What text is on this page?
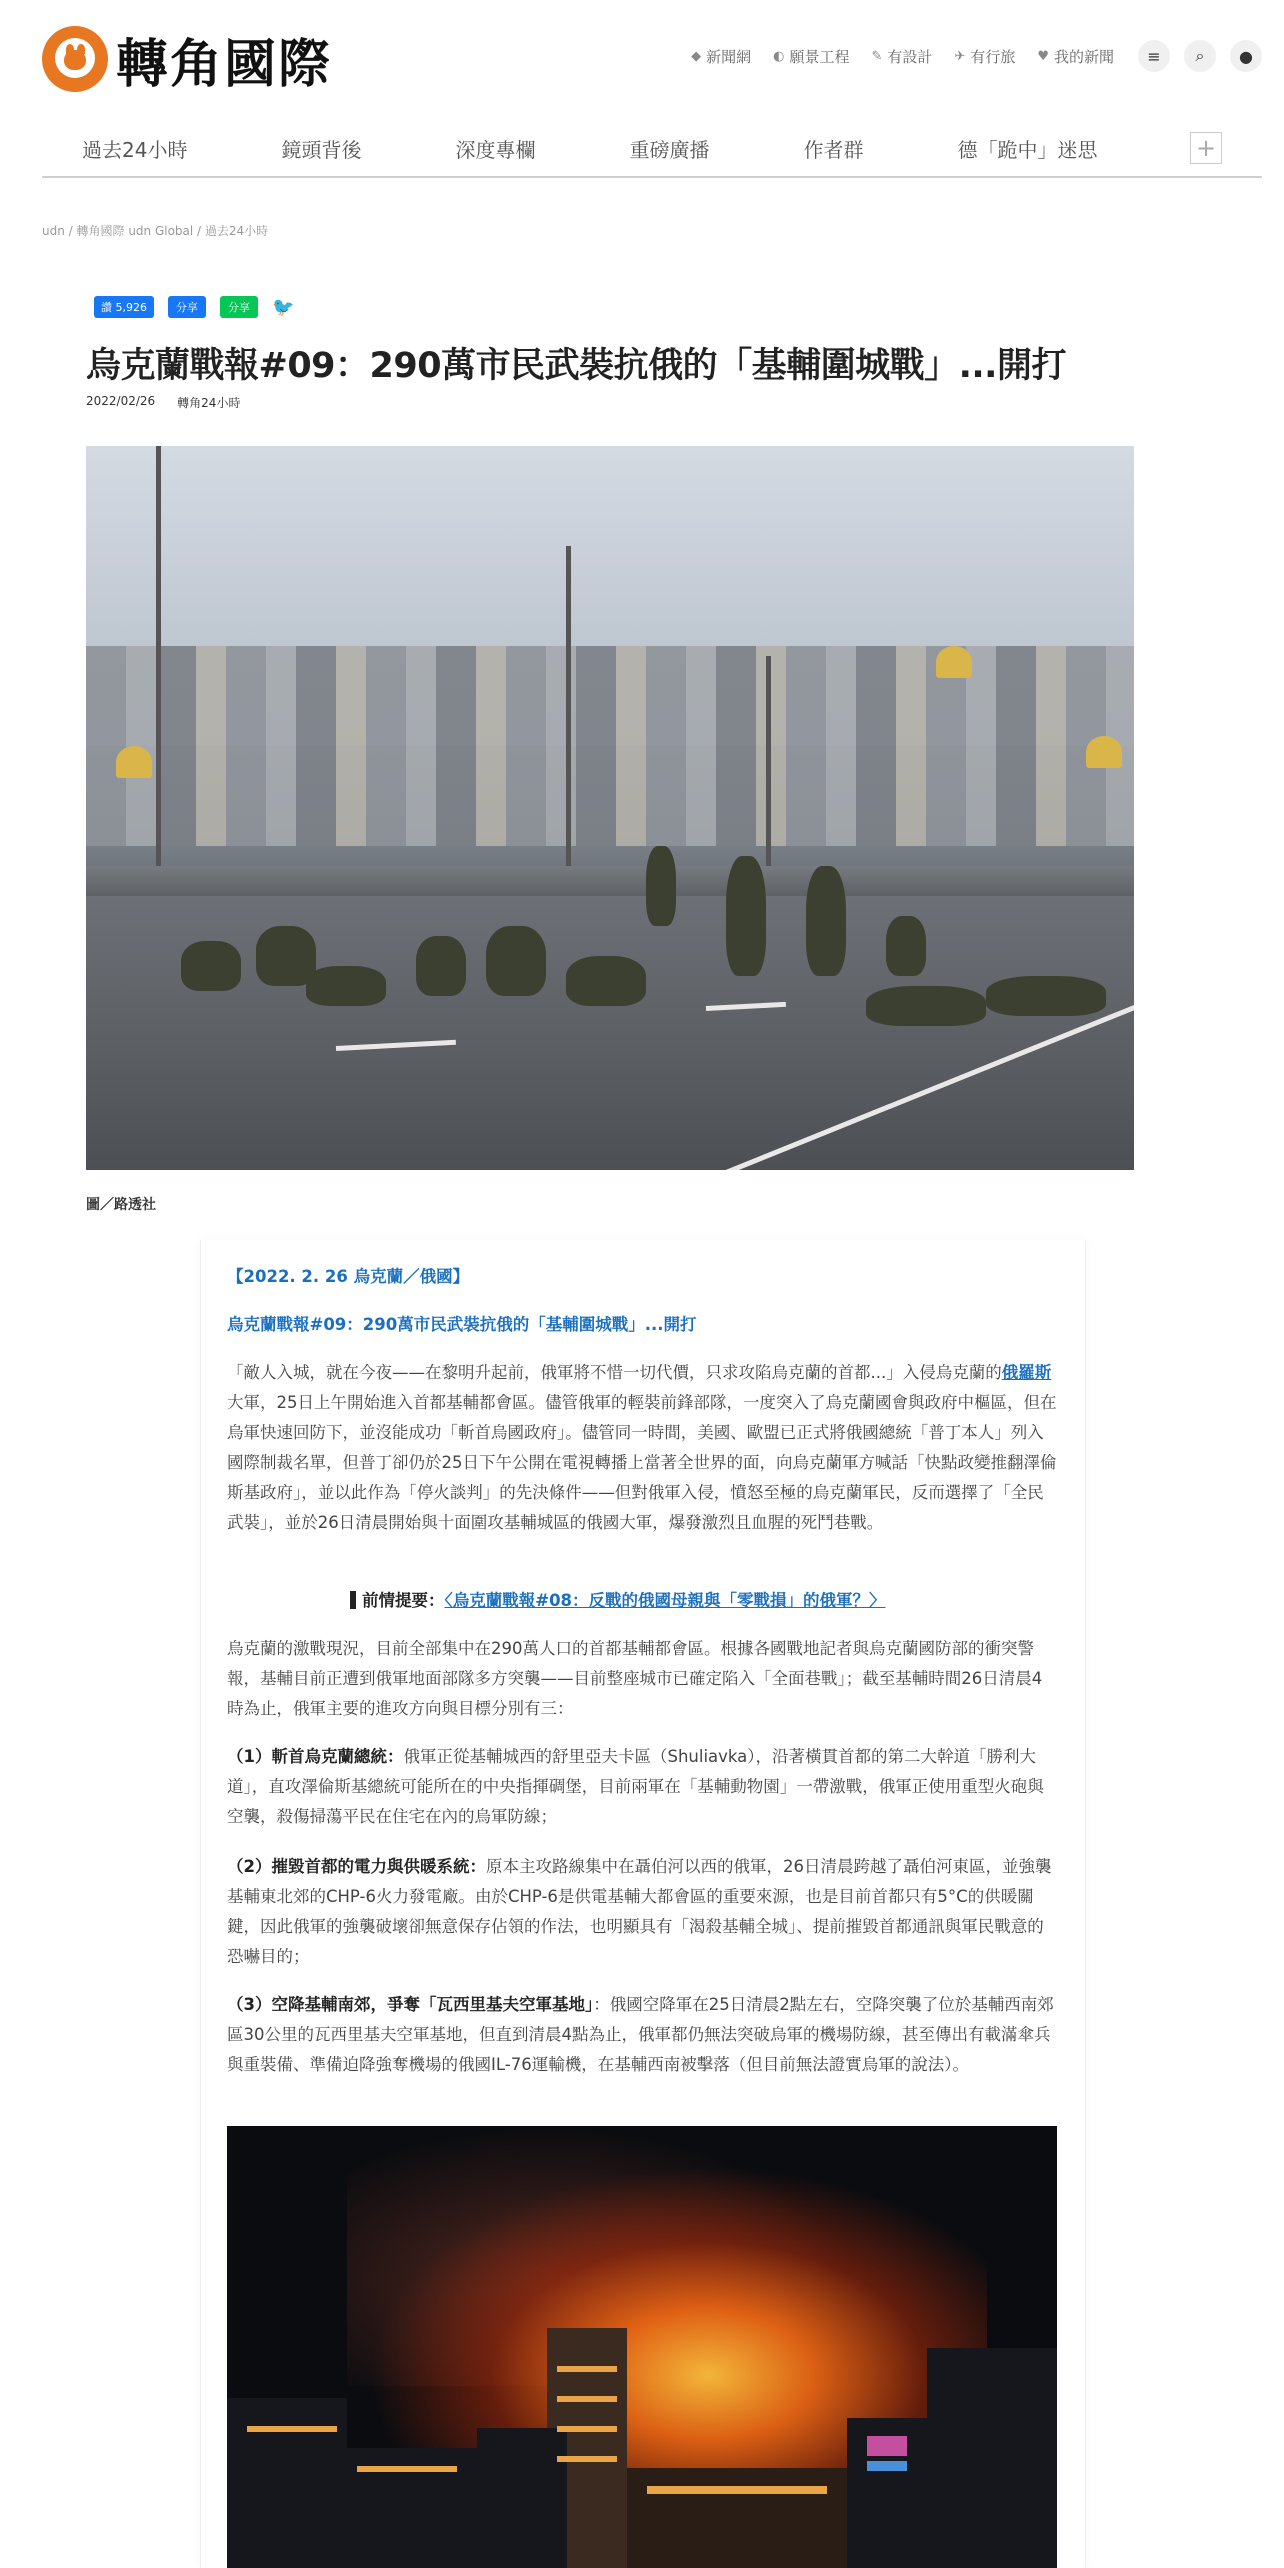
轉角國際	◆ 新聞網 ◐ 願景工程 ✎ 有設計 ✈ 有行旅 ♥ 我的新聞	≡	⌕	●
過去24小時	鏡頭背後	深度專欄	重磅廣播	作者群	德「跪中」迷思	+
udn / 轉角國際 udn Global / 過去24小時
讚 5,926	分享	分享	🐦
烏克蘭戰報#09：290萬市民武裝抗俄的「基輔圍城戰」...開打
2022/02/26 轉角24小時
圖／路透社
【2022. 2. 26 烏克蘭／俄國】
烏克蘭戰報#09：290萬市民武裝抗俄的「基輔圍城戰」...開打
「敵人入城，就在今夜——在黎明升起前，俄軍將不惜一切代價，只求攻陷烏克蘭的首都...」入侵烏克蘭的俄羅斯大軍，25日上午開始進入首都基輔都會區。儘管俄軍的輕裝前鋒部隊，一度突入了烏克蘭國會與政府中樞區，但在烏軍快速回防下，並沒能成功「斬首烏國政府」。儘管同一時間，美國、歐盟已正式將俄國總統「普丁本人」列入國際制裁名單，但普丁卻仍於25日下午公開在電視轉播上當著全世界的面，向烏克蘭軍方喊話「快點政變推翻澤倫斯基政府」，並以此作為「停火談判」的先決條件——但對俄軍入侵，憤怒至極的烏克蘭軍民，反而選擇了「全民武裝」，並於26日清晨開始與十面圍攻基輔城區的俄國大軍，爆發激烈且血腥的死鬥巷戰。
前情提要：〈烏克蘭戰報#08：反戰的俄國母親與「零戰損」的俄軍？〉
烏克蘭的激戰現況，目前全部集中在290萬人口的首都基輔都會區。根據各國戰地記者與烏克蘭國防部的衝突警報，基輔目前正遭到俄軍地面部隊多方突襲——目前整座城市已確定陷入「全面巷戰」；截至基輔時間26日清晨4時為止，俄軍主要的進攻方向與目標分別有三：
（1）斬首烏克蘭總統：俄軍正從基輔城西的舒里亞夫卡區（Shuliavka），沿著橫貫首都的第二大幹道「勝利大道」，直攻澤倫斯基總統可能所在的中央指揮碉堡，目前兩軍在「基輔動物園」一帶激戰，俄軍正使用重型火砲與空襲，殺傷掃蕩平民在住宅在內的烏軍防線；
（2）摧毀首都的電力與供暖系統：原本主攻路線集中在聶伯河以西的俄軍，26日清晨跨越了聶伯河東區，並強襲基輔東北郊的CHP-6火力發電廠。由於CHP-6是供電基輔大都會區的重要來源，也是目前首都只有5°C的供暖關鍵，因此俄軍的強襲破壞卻無意保存佔領的作法，也明顯具有「渴殺基輔全城」、提前摧毀首都通訊與軍民戰意的恐嚇目的；
（3）空降基輔南郊，爭奪「瓦西里基夫空軍基地」：俄國空降軍在25日清晨2點左右，空降突襲了位於基輔西南郊區30公里的瓦西里基夫空軍基地，但直到清晨4點為止，俄軍都仍無法突破烏軍的機場防線，甚至傳出有載滿傘兵與重裝備、準備迫降強奪機場的俄國IL-76運輸機，在基輔西南被擊落（但目前無法證實烏軍的說法）。
